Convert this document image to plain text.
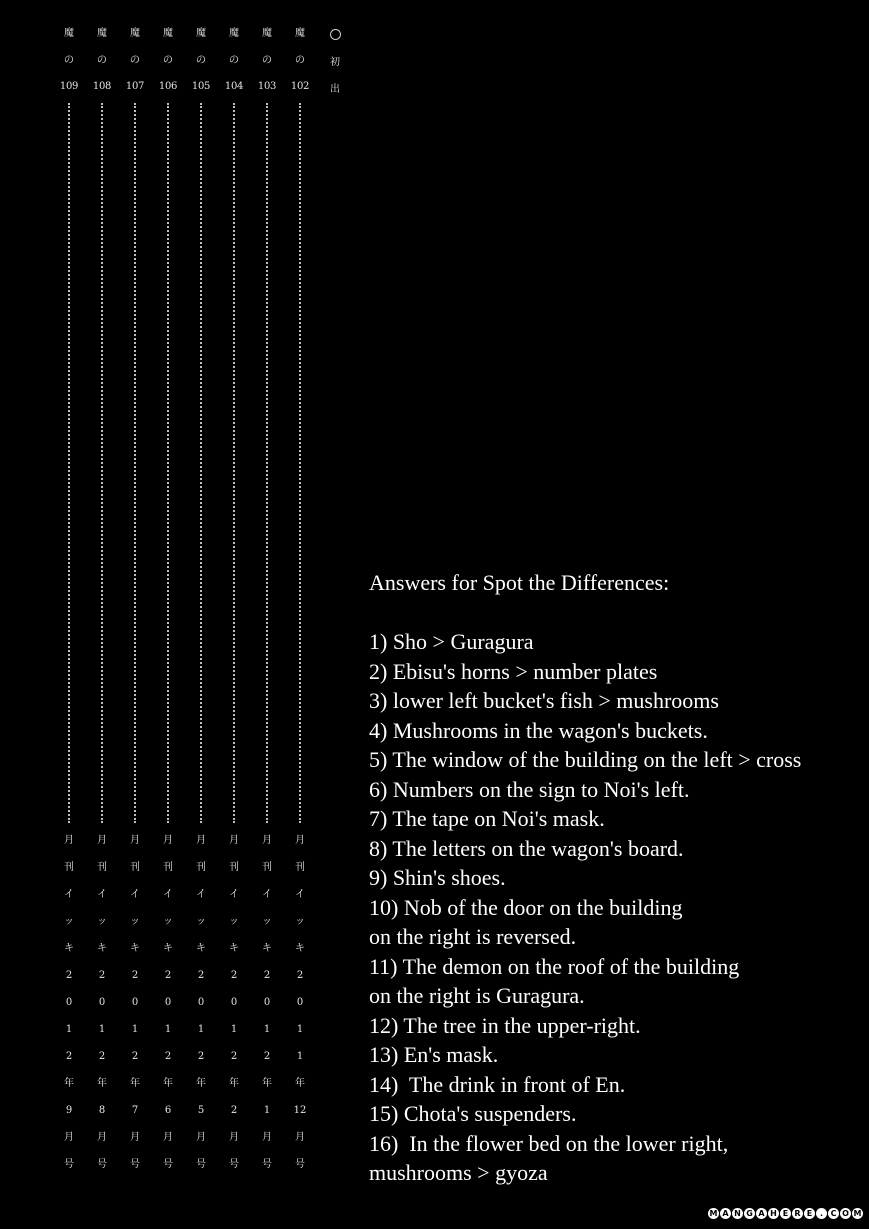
魔
の
109
月
刊
イ
ッ
キ
2
0
1
2
年
9
月
号
魔
の
108
月
刊
イ
ッ
キ
2
0
1
2
年
8
月
号
魔
の
107
月
刊
イ
ッ
キ
2
0
1
2
年
7
月
号
魔
の
106
月
刊
イ
ッ
キ
2
0
1
2
年
6
月
号
魔
の
105
月
刊
イ
ッ
キ
2
0
1
2
年
5
月
号
魔
の
104
月
刊
イ
ッ
キ
2
0
1
2
年
2
月
号
魔
の
103
月
刊
イ
ッ
キ
2
0
1
2
年
1
月
号
魔
の
102
月
刊
イ
ッ
キ
2
0
1
1
年
12
月
号
初
出
Answers for Spot the Differences:
1) Sho > Guragura
2) Ebisu's horns > number plates
3) lower left bucket's fish > mushrooms
4) Mushrooms in the wagon's buckets.
5) The window of the building on the left > cross
6) Numbers on the sign to Noi's left.
7) The tape on Noi's mask.
8) The letters on the wagon's board.
9) Shin's shoes.
10) Nob of the door on the building
on the right is reversed.
11) The demon on the roof of the building
on the right is Guragura.
12) The tree in the upper-right.
13) En's mask.
14)  The drink in front of En.
15) Chota's suspenders.
16)  In the flower bed on the lower right,
mushrooms > gyoza
M A N G A H E R E . C O M
